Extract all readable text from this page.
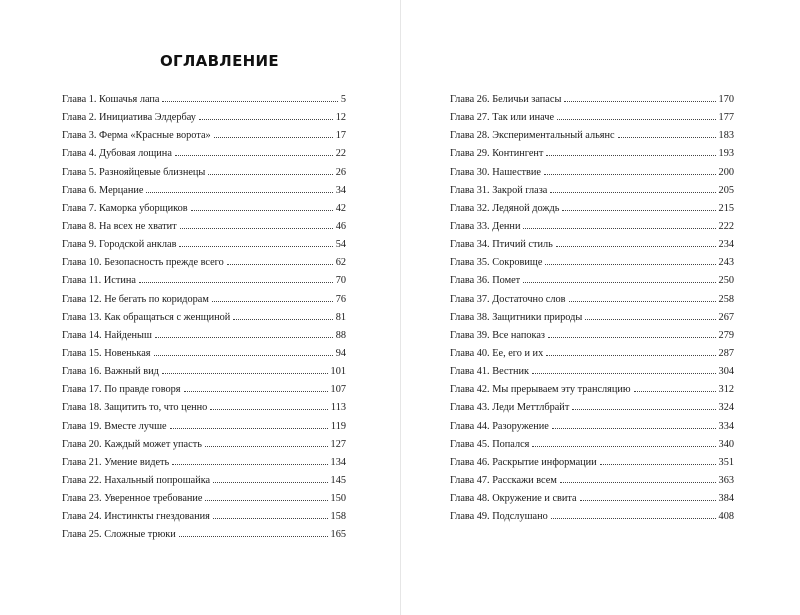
ОГЛАВЛЕНИЕ
Глава 1. Кошачья лапа	5
Глава 2. Инициатива Элдербау	12
Глава 3. Ферма «Красные ворота»	17
Глава 4. Дубовая лощина	22
Глава 5. Разнояйцевые близнецы	26
Глава 6. Мерцание	34
Глава 7. Каморка уборщиков	42
Глава 8. На всех не хватит	46
Глава 9. Городской анклав	54
Глава 10. Безопасность прежде всего	62
Глава 11. Истина	70
Глава 12. Не бегать по коридорам	76
Глава 13. Как обращаться с женщиной	81
Глава 14. Найденыш	88
Глава 15. Новенькая	94
Глава 16. Важный вид	101
Глава 17. По правде говоря	107
Глава 18. Защитить то, что ценно	113
Глава 19. Вместе лучше	119
Глава 20. Каждый может упасть	127
Глава 21. Умение видеть	134
Глава 22. Нахальный попрошайка	145
Глава 23. Уверенное требование	150
Глава 24. Инстинкты гнездования	158
Глава 25. Сложные трюки	165
Глава 26. Беличьи запасы	170
Глава 27. Так или иначе	177
Глава 28. Экспериментальный альянс	183
Глава 29. Контингент	193
Глава 30. Нашествие	200
Глава 31. Закрой глаза	205
Глава 32. Ледяной дождь	215
Глава 33. Денни	222
Глава 34. Птичий стиль	234
Глава 35. Сокровище	243
Глава 36. Помет	250
Глава 37. Достаточно слов	258
Глава 38. Защитники природы	267
Глава 39. Все напоказ	279
Глава 40. Ее, его и их	287
Глава 41. Вестник	304
Глава 42. Мы прерываем эту трансляцию	312
Глава 43. Леди Меттлбрайт	324
Глава 44. Разоружение	334
Глава 45. Попался	340
Глава 46. Раскрытие информации	351
Глава 47. Расскажи всем	363
Глава 48. Окружение и свита	384
Глава 49. Подслушано	408
